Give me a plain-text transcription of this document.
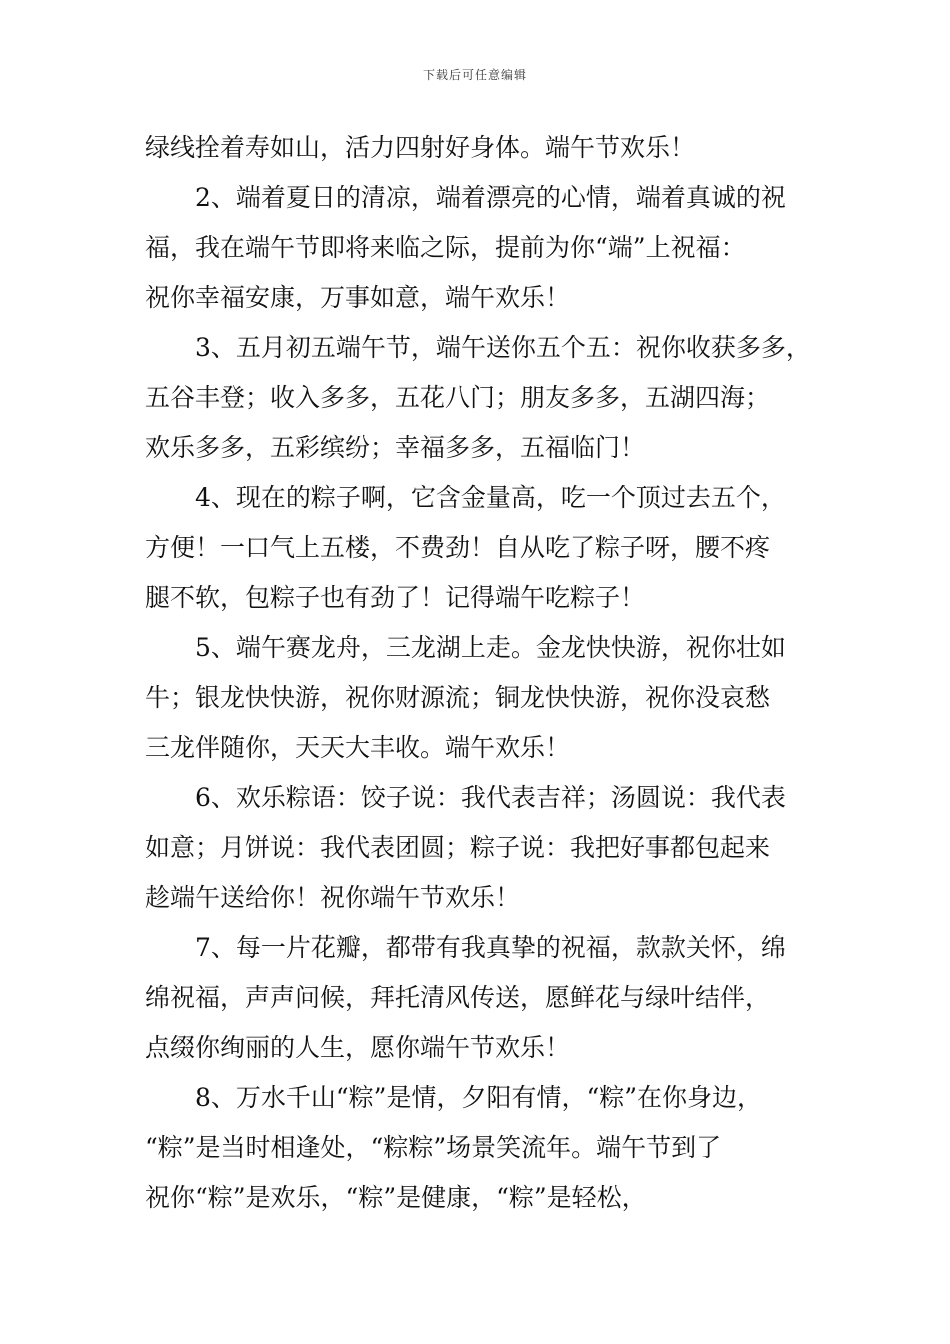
下载后可任意编辑
绿线拴着寿如山，活力四射好身体。端午节欢乐！
2、端着夏日的清凉，端着漂亮的心情，端着真诚的祝
福，我在端午节即将来临之际，提前为你“端”上祝福：
祝你幸福安康，万事如意，端午欢乐！
3、五月初五端午节，端午送你五个五：祝你收获多多，
五谷丰登；收入多多，五花八门；朋友多多，五湖四海；
欢乐多多，五彩缤纷；幸福多多，五福临门！
4、现在的粽子啊，它含金量高，吃一个顶过去五个，
方便！一口气上五楼，不费劲！自从吃了粽子呀，腰不疼
腿不软，包粽子也有劲了！记得端午吃粽子！
5、端午赛龙舟，三龙湖上走。金龙快快游，祝你壮如
牛；银龙快快游，祝你财源流；铜龙快快游，祝你没哀愁
三龙伴随你，天天大丰收。端午欢乐！
6、欢乐粽语：饺子说：我代表吉祥；汤圆说：我代表
如意；月饼说：我代表团圆；粽子说：我把好事都包起来
趁端午送给你！祝你端午节欢乐！
7、每一片花瓣，都带有我真挚的祝福，款款关怀，绵
绵祝福，声声问候，拜托清风传送，愿鲜花与绿叶结伴，
点缀你绚丽的人生，愿你端午节欢乐！
8、万水千山“粽”是情，夕阳有情，“粽”在你身边，
“粽”是当时相逢处，“粽粽”场景笑流年。端午节到了
祝你“粽”是欢乐，“粽”是健康，“粽”是轻松，
